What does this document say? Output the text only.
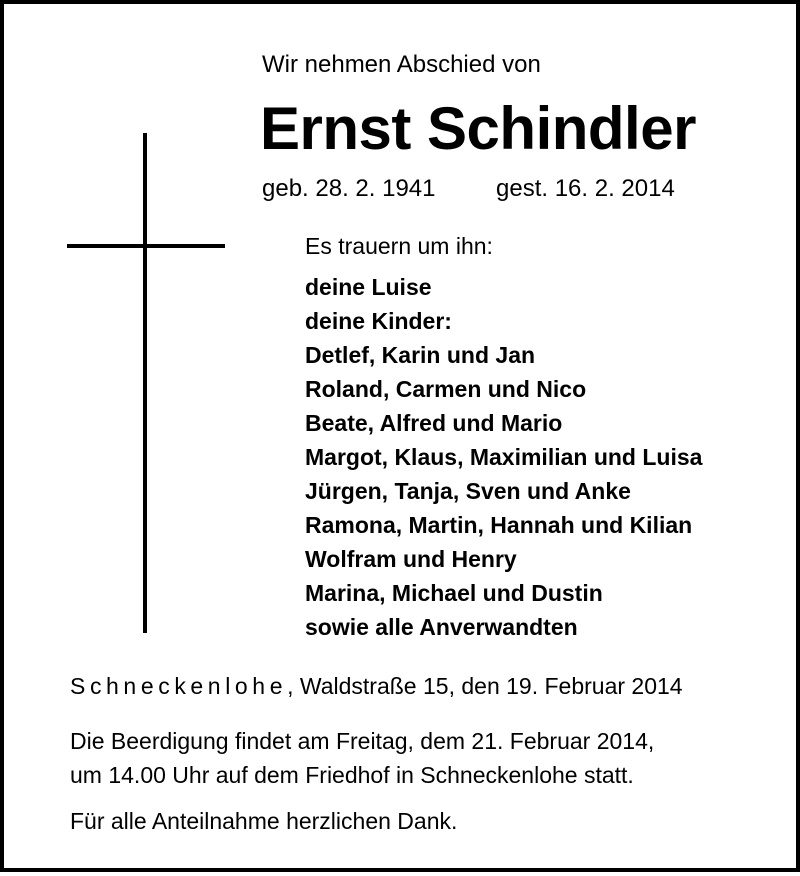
Wir nehmen Abschied von
Ernst Schindler
geb. 28. 2. 1941	gest. 16. 2. 2014
Es trauern um ihn:
deine Luise
deine Kinder:
Detlef, Karin und Jan
Roland, Carmen und Nico
Beate, Alfred und Mario
Margot, Klaus, Maximilian und Luisa
Jürgen, Tanja, Sven und Anke
Ramona, Martin, Hannah und Kilian
Wolfram und Henry
Marina, Michael und Dustin
sowie alle Anverwandten
Schneckenlohe, Waldstraße 15, den 19. Februar 2014
Die Beerdigung findet am Freitag, dem 21. Februar 2014,
um 14.00 Uhr auf dem Friedhof in Schneckenlohe statt.
Für alle Anteilnahme herzlichen Dank.
